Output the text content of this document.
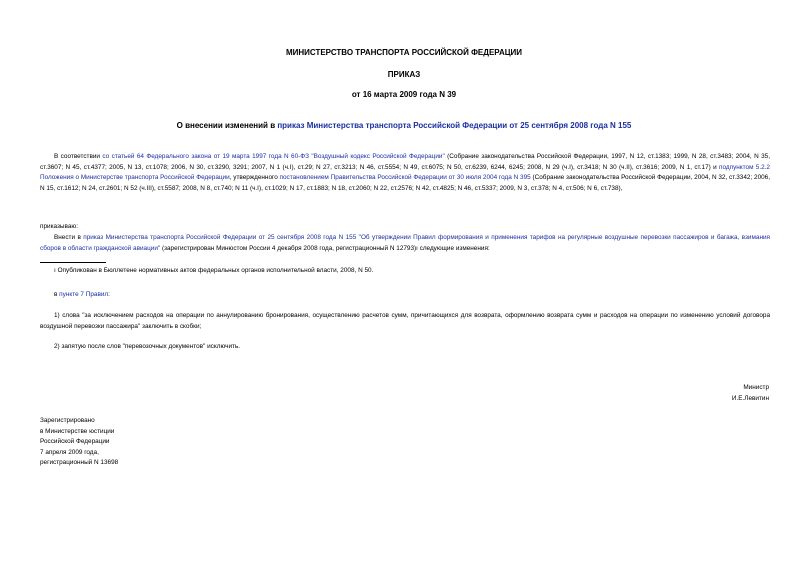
МИНИСТЕРСТВО ТРАНСПОРТА РОССИЙСКОЙ ФЕДЕРАЦИИ
ПРИКАЗ
от 16 марта 2009 года N 39
О внесении изменений в приказ Министерства транспорта Российской Федерации от 25 сентября 2008 года N 155
В соответствии со статьей 64 Федерального закона от 19 марта 1997 года N 60-ФЗ "Воздушный кодекс Российской Федерации" (Собрание законодательства Российской Федерации, 1997, N 12, ст.1383; 1999, N 28, ст.3483; 2004, N 35, ст.3607; N 45, ст.4377; 2005, N 13, ст.1078; 2006, N 30, ст.3290, 3291; 2007, N 1 (ч.I), ст.29; N 27, ст.3213; N 46, ст.5554; N 49, ст.6075; N 50, ст.6239, 6244, 6245; 2008, N 29 (ч.I), ст.3418; N 30 (ч.II), ст.3616; 2009, N 1, ст.17) и подпунктом 5.2.2 Положения о Министерстве транспорта Российской Федерации, утвержденного постановлением Правительства Российской Федерации от 30 июля 2004 года N 395 (Собрание законодательства Российской Федерации, 2004, N 32, ст.3342; 2006, N 15, ст.1612; N 24, ст.2601; N 52 (ч.III), ст.5587; 2008, N 8, ст.740; N 11 (ч.I), ст.1029; N 17, ст.1883; N 18, ст.2060; N 22, ст.2576; N 42, ст.4825; N 46, ст.5337; 2009, N 3, ст.378; N 4, ст.506; N 6, ст.738),
приказываю:
Внести в приказ Министерства транспорта Российской Федерации от 25 сентября 2008 года N 155 "Об утверждении Правил формирования и применения тарифов на регулярные воздушные перевозки пассажиров и багажа, взимания сборов в области гражданской авиации" (зарегистрирован Минюстом России 4 декабря 2008 года, регистрационный N 12793)ı следующие изменения:
ı Опубликован в Бюллетене нормативных актов федеральных органов исполнительной власти, 2008, N 50.
в пункте 7 Правил:
1) слова "за исключением расходов на операции по аннулированию бронирования, осуществлению расчетов сумм, причитающихся для возврата, оформлению возврата сумм и расходов на операции по изменению условий договора воздушной перевозки пассажира" заключить в скобки;
2) запятую после слов "перевозочных документов" исключить.
Министр
И.Е.Левитин
Зарегистрировано
в Министерстве юстиции
Российской Федерации
7 апреля 2009 года,
регистрационный N 13698
